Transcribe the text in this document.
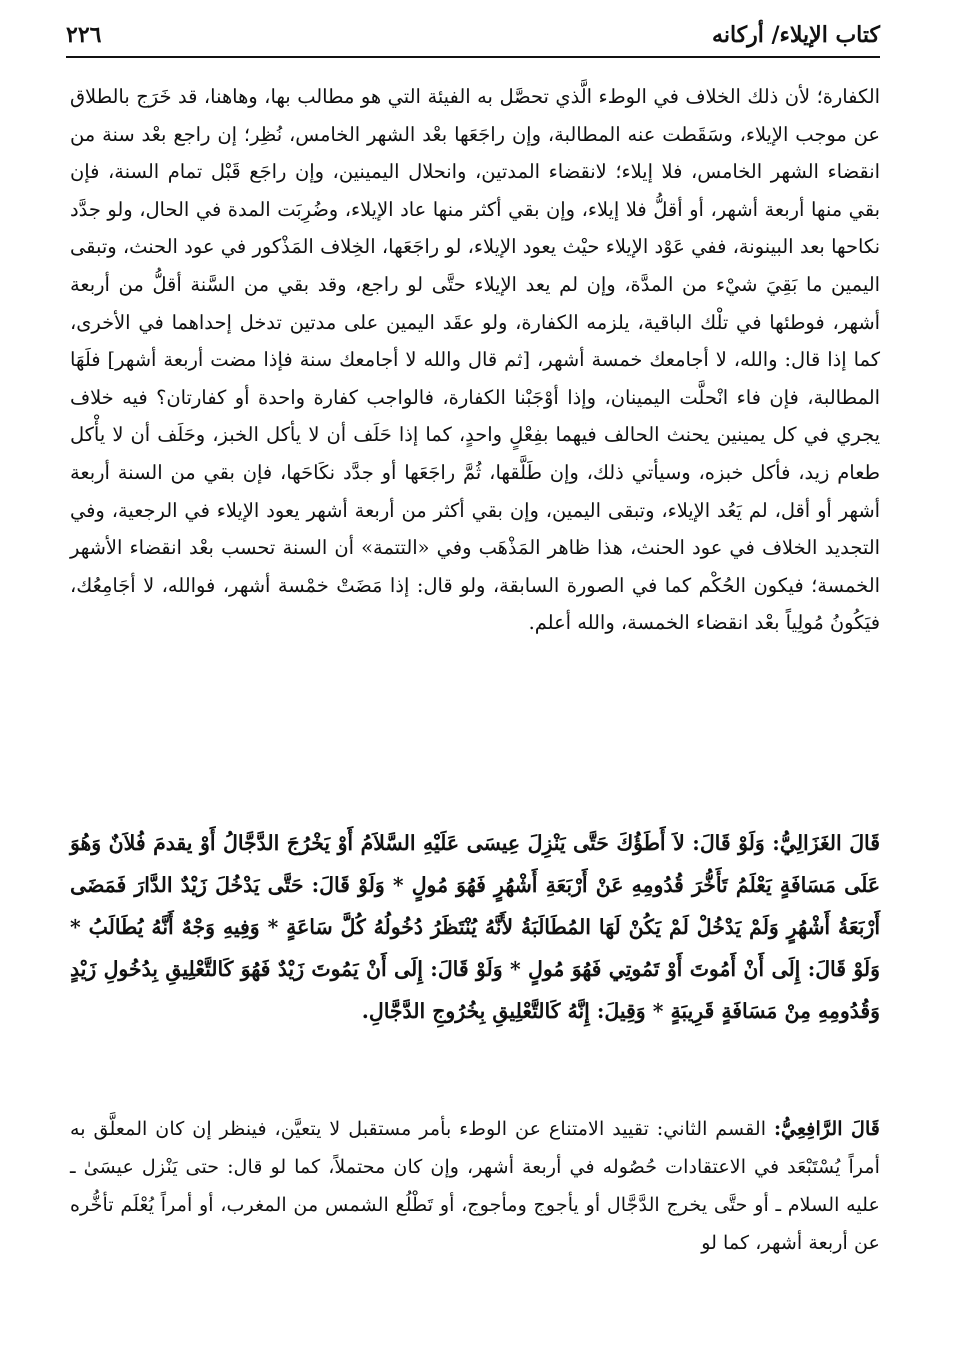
كتاب الإيلاء/ أركانه
٢٢٦

الكفارة؛ لأن ذلك الخلاف في الوطء الَّذي تحصَّل به الفيئة التي هو مطالب بها، وهاهنا، قد خَرَج بالطلاق عن موجب الإيلاء، وسَقَطت عنه المطالبة، وإن راجَعَها بعْد الشهر الخامس، نُظِر؛ إن راجع بعْد سنة من انقضاء الشهر الخامس، فلا إيلاء؛ لانقضاء المدتين، وانحلال اليمينين، وإن راجَع قَبْل تمام السنة، فإن بقي منها أربعة أشهر، أو أقلُّ فلا إيلاء، وإن بقي أكثر منها عاد الإيلاء، وضُرِبَت المدة في الحال، ولو جدَّد نكاحها بعد البينونة، ففي عَوْد الإيلاء حيْث يعود الإيلاء، لو راجَعَها، الخِلاف المَذْكور في عود الحنث، وتبقى اليمين ما بَقِيَ شيْء من المدَّة، وإن لم يعد الإيلاء حتَّى لو راجع، وقد بقي من السَّنة أقلُّ من أربعة أشهر، فوطئها في تلْك الباقية، يلزمه الكفارة، ولو عقَد اليمين على مدتين تدخل إحداهما في الأخرى، كما إذا قال: والله، لا أجامعك خمسة أشهر، [ثم قال والله لا أجامعك سنة فإذا مضت أربعة أشهر] فلَهَا المطالبة، فإن فاء انْحلَّت اليمينان، وإذا أوْجَبْنا الكفارة، فالواجب كفارة واحدة أو كفارتان؟ فيه خلاف يجري في كل يمينين يحنث الحالف فيهما بفِعْلٍ واحدٍ، كما إذا حَلَف أن لا يأكل الخبز، وحَلَف أن لا يأْكل طعام زيد، فأكل خبزه، وسيأتي ذلك، وإن طَلَّقها، ثُمَّ راجَعَها أو جدَّد نكَاحَها، فإن بقي من السنة أربعة أشهر أو أقل، لم يَعُد الإيلاء، وتبقى اليمين، وإن بقي أكثر من أربعة أشهر يعود الإيلاء في الرجعية، وفي التجديد الخلاف في عود الحنث، هذا ظاهر المَذْهَب وفي «التتمة» أن السنة تحسب بعْد انقضاء الأشهر الخمسة؛ فيكون الحُكْم كما في الصورة السابقة، ولو قال: إذا مَضَتْ خمْسة أشهر، فوالله، لا أجَامِعُك، فيَكُونُ مُولِياً بعْد انقضاء الخمسة، والله أعلم.

قَالَ الغَزَالِيُّ: وَلَوْ قَالَ: لاَ أَطَؤُكَ حَتَّى يَنْزِلَ عِيسَى عَلَيْهِ السَّلاَمُ أَوْ يَخْرُجَ الدَّجَّالُ أَوْ يقدمَ فُلاَنٌ وَهُوَ عَلَى مَسَافَةٍ يَعْلَمُ تَأَخُّرَ قُدُومِهِ عَنْ أَرْبَعَةِ أَشْهُرٍ فَهُوَ مُولٍ * وَلَوْ قَالَ: حَتَّى يَدْخُلَ زَيْدٌ الدَّارَ فَمَضَى أَرْبَعَةُ أَشْهُرٍ وَلَمْ يَدْخُلْ لَمْ يَكُنْ لَهَا المُطَالَبَةُ لأَنَّهُ يُنْتَظَرُ دُخُولُهُ كُلَّ سَاعَةٍ * وَفِيهِ وَجْهٌ أَنَّهُ يُطَالَبُ * وَلَوْ قَالَ: إِلَى أَنْ أَمُوتَ أَوْ تَمُوتِي فَهُوَ مُولٍ * وَلَوْ قَالَ: إِلَى أَنْ يَمُوتَ زَيْدٌ فَهُوَ كَالتَّعْلِيقِ بِدُخُولِ زَيْدٍ وَقُدُومِهِ مِنْ مَسَافَةٍ قَرِيبَةٍ * وَقِيلَ: إِنَّهُ كَالتَّعْلِيقِ بِخُرُوجِ الدَّجَّالِ.

قَالَ الرَّافِعِيُّ: القسم الثاني: تقييد الامتناع عن الوطء بأمر مستقبل لا يتعيَّن، فينظر إن كان المعلَّق به أمراً يُسْتَبْعَد في الاعتقادات حُصُوله في أربعة أشهر، وإن كان محتملاً، كما لو قال: حتى يَنْزل عيسَىٰ ـ عليه السلام ـ أو حتَّى يخرج الدَّجَّال أو يأجوج ومأجوج، أو تَطْلُع الشمس من المغرب، أو أمراً يُعْلَم تأخُّره عن أربعة أشهر، كما لو
